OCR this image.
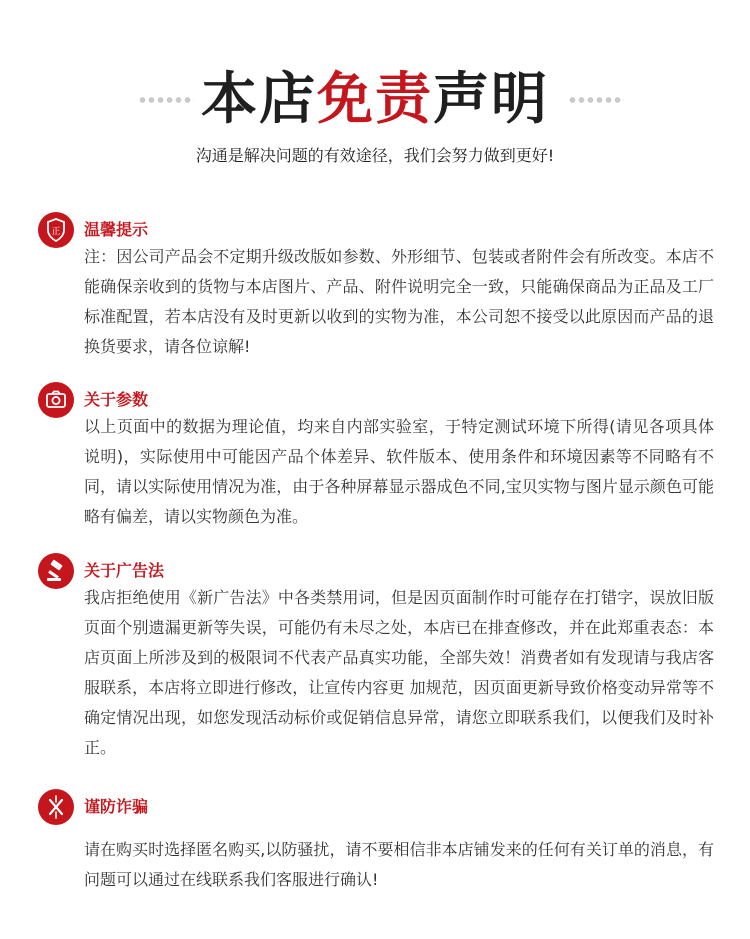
本店免责声明
沟通是解决问题的有效途径，我们会努力做到更好!
正 温馨提示
注：因公司产品会不定期升级改版如参数、外形细节、包装或者附件会有所改变。本店不能确保亲收到的货物与本店图片、产品、附件说明完全一致，只能确保商品为正品及工厂标准配置，若本店没有及时更新以收到的实物为准，本公司恕不接受以此原因而产品的退换货要求，请各位谅解!
关于参数
以上页面中的数据为理论值，均来自内部实验室，于特定测试环境下所得(请见各项具体说明)，实际使用中可能因产品个体差异、软件版本、使用条件和环境因素等不同略有不同，请以实际使用情况为准，由于各种屏幕显示器成色不同,宝贝实物与图片显示颜色可能略有偏差，请以实物颜色为准。
关于广告法
我店拒绝使用《新广告法》中各类禁用词，但是因页面制作时可能存在打错字，误放旧版页面个别遗漏更新等失误，可能仍有未尽之处，本店已在排查修改，并在此郑重表态：本店页面上所涉及到的极限词不代表产品真实功能，全部失效！消费者如有发现请与我店客服联系，本店将立即进行修改，让宣传内容更 加规范，因页面更新导致价格变动异常等不确定情况出现，如您发现活动标价或促销信息异常，请您立即联系我们，以便我们及时补正。
谨防诈骗
请在购买时选择匿名购买,以防骚扰，请不要相信非本店铺发来的任何有关订单的消息，有问题可以通过在线联系我们客服进行确认!
